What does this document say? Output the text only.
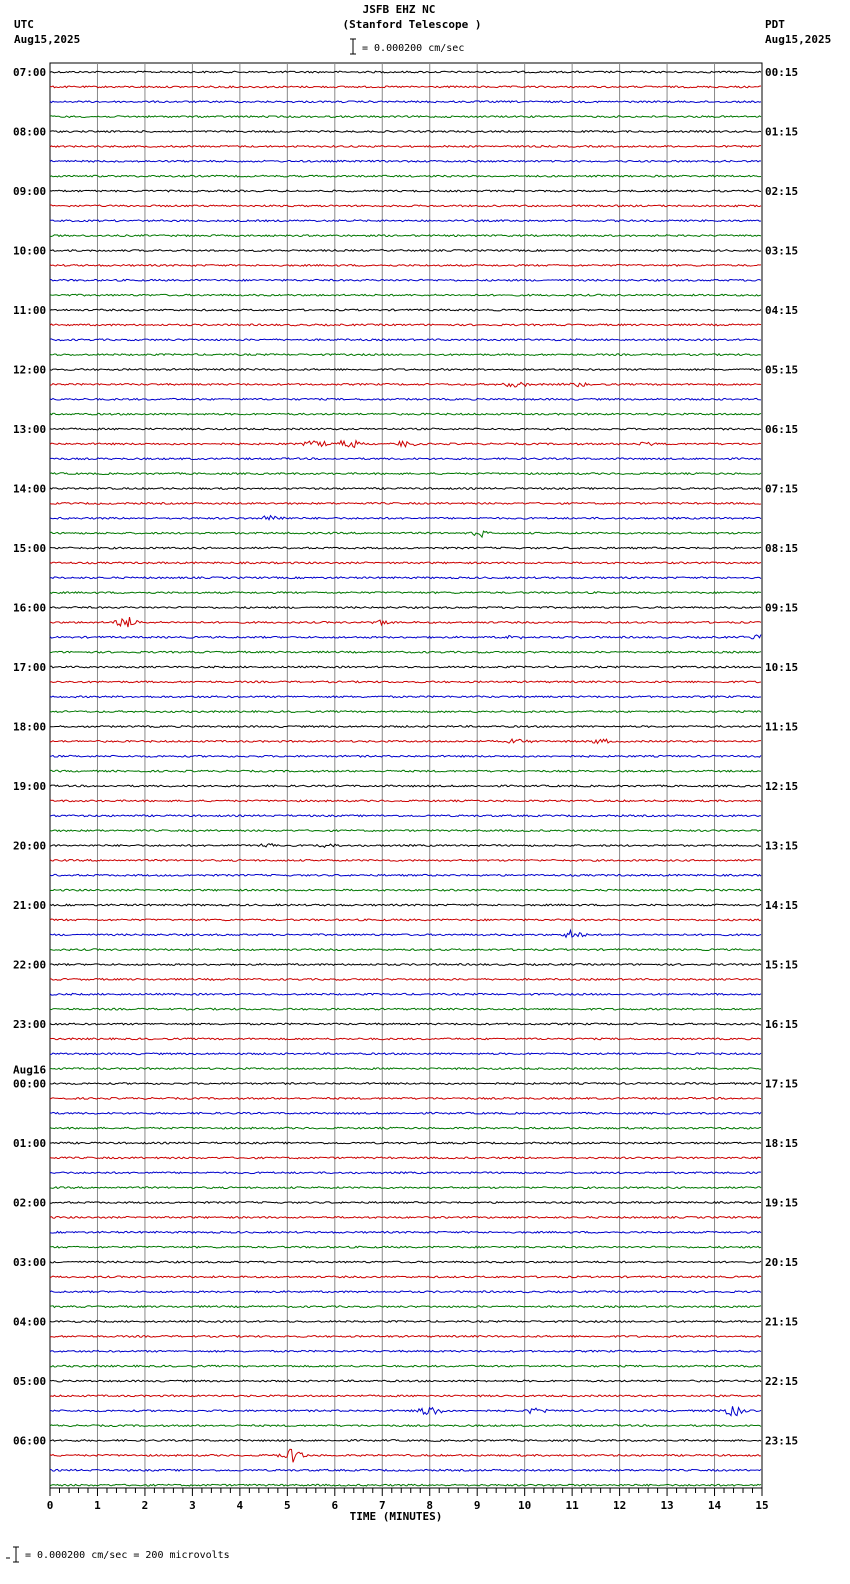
JSFB EHZ NC
(Stanford Telescope )
= 0.000200 cm/sec
UTC
Aug15,2025
PDT
Aug15,2025
07:00
08:00
09:00
10:00
11:00
12:00
13:00
14:00
15:00
16:00
17:00
18:00
19:00
20:00
21:00
22:00
23:00
00:00
01:00
02:00
03:00
04:00
05:00
06:00
Aug16
00:15
01:15
02:15
03:15
04:15
05:15
06:15
07:15
08:15
09:15
10:15
11:15
12:15
13:15
14:15
15:15
16:15
17:15
18:15
19:15
20:15
21:15
22:15
23:15
0	1	2	3	4	5	6	7	8	9	10	11	12	13	14	15
TIME (MINUTES)
= 0.000200 cm/sec = 200 microvolts
